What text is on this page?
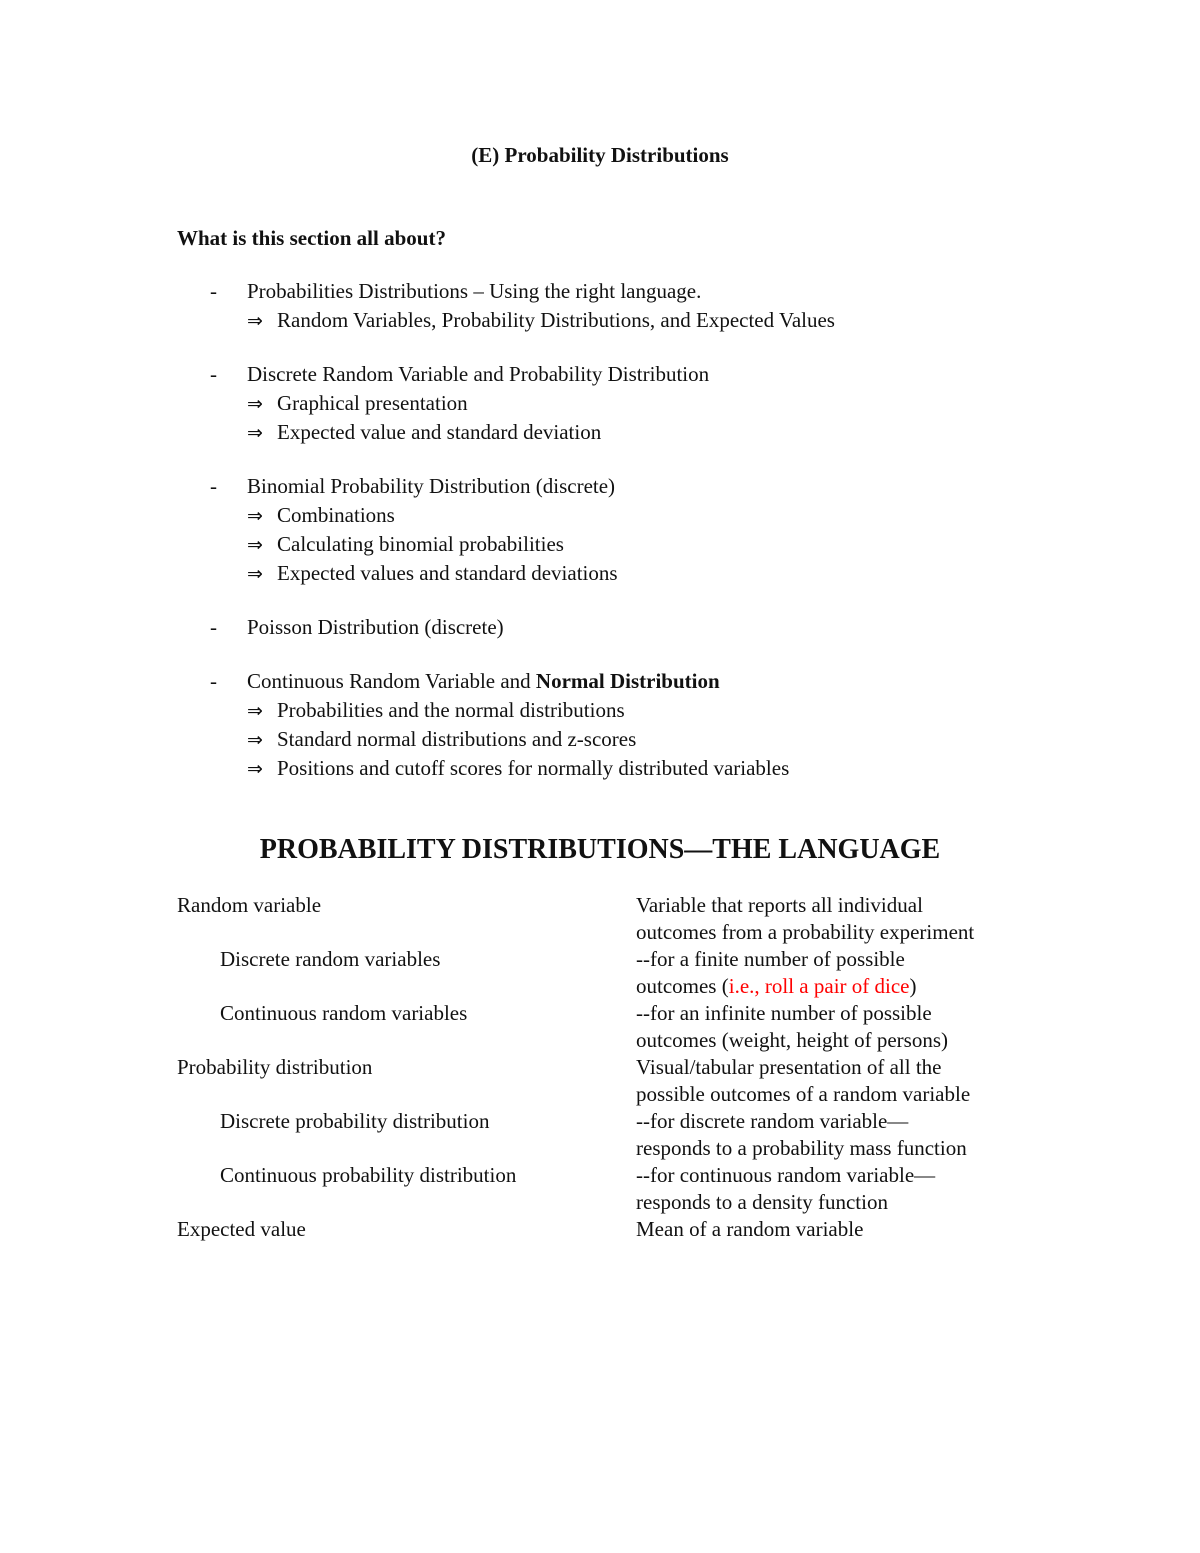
(E) Probability Distributions
What is this section all about?
- Probabilities Distributions – Using the right language.
⇒ Random Variables, Probability Distributions, and Expected Values
- Discrete Random Variable and Probability Distribution
⇒ Graphical presentation
⇒ Expected value and standard deviation
- Binomial Probability Distribution (discrete)
⇒ Combinations
⇒ Calculating binomial probabilities
⇒ Expected values and standard deviations
- Poisson Distribution (discrete)
- Continuous Random Variable and Normal Distribution
⇒ Probabilities and the normal distributions
⇒ Standard normal distributions and z-scores
⇒ Positions and cutoff scores for normally distributed variables
PROBABILITY DISTRIBUTIONS—THE LANGUAGE
Random variable	Variable that reports all individual
outcomes from a probability experiment
Discrete random variables	--for a finite number of possible
outcomes (i.e., roll a pair of dice)
Continuous random variables	--for an infinite number of possible
outcomes (weight, height of persons)
Probability distribution	Visual/tabular presentation of all the
possible outcomes of a random variable
Discrete probability distribution	--for discrete random variable—
responds to a probability mass function
Continuous probability distribution	--for continuous random variable—
responds to a density function
Expected value	Mean of a random variable
